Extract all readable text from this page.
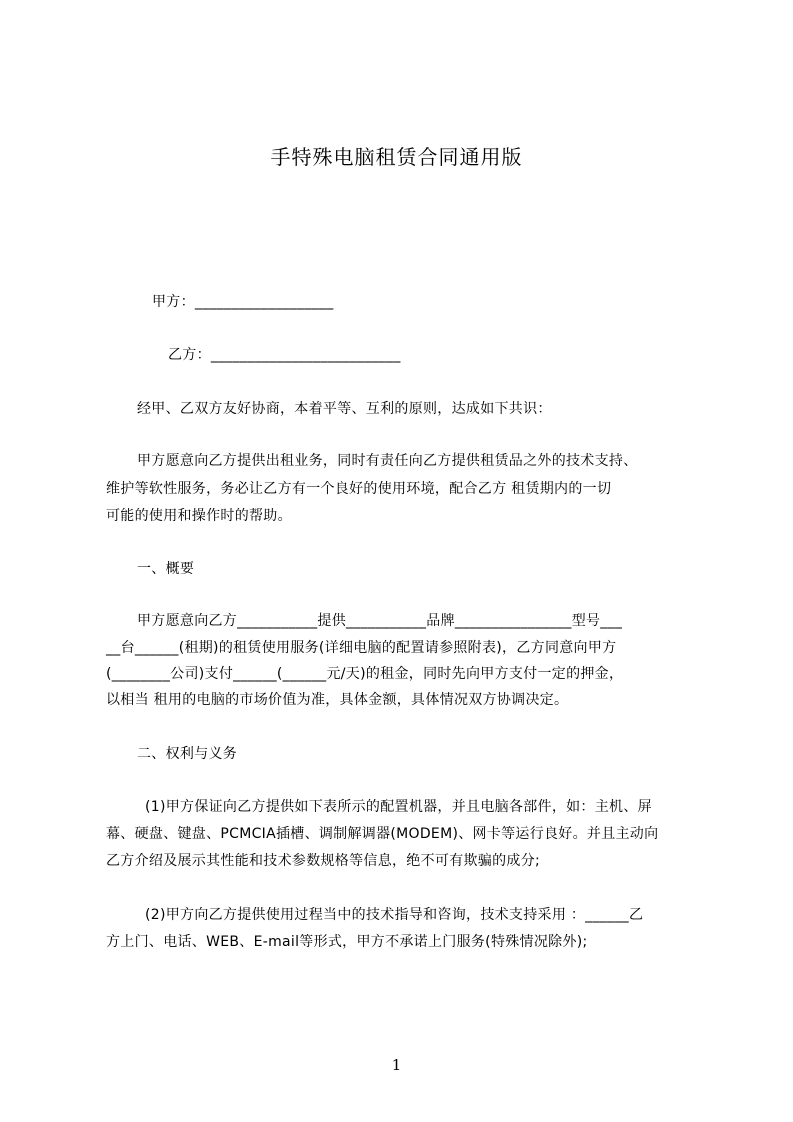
手特殊电脑租赁合同通用版
甲方：___________________
乙方：__________________________
经甲、乙双方友好协商，本着平等、互利的原则，达成如下共识：
甲方愿意向乙方提供出租业务，同时有责任向乙方提供租赁品之外的技术支持、
维护等软性服务，务必让乙方有一个良好的使用环境，配合乙方 租赁期内的一切
可能的使用和操作时的帮助。
一、概要
甲方愿意向乙方___________提供___________品牌________________型号___
__台______(租期)的租赁使用服务(详细电脑的配置请参照附表)，乙方同意向甲方
(________公司)支付______(______元/天)的租金，同时先向甲方支付一定的押金，
以相当 租用的电脑的市场价值为准，具体金额，具体情况双方协调决定。
二、权利与义务
(1)甲方保证向乙方提供如下表所示的配置机器，并且电脑各部件，如：主机、屏
幕、硬盘、键盘、PCMCIA插槽、调制解调器(MODEM)、网卡等运行良好。并且主动向
乙方介绍及展示其性能和技术参数规格等信息，绝不可有欺骗的成分;
(2)甲方向乙方提供使用过程当中的技术指导和咨询，技术支持采用 ：______乙
方上门、电话、WEB、E-mail等形式，甲方不承诺上门服务(特殊情况除外);
1
